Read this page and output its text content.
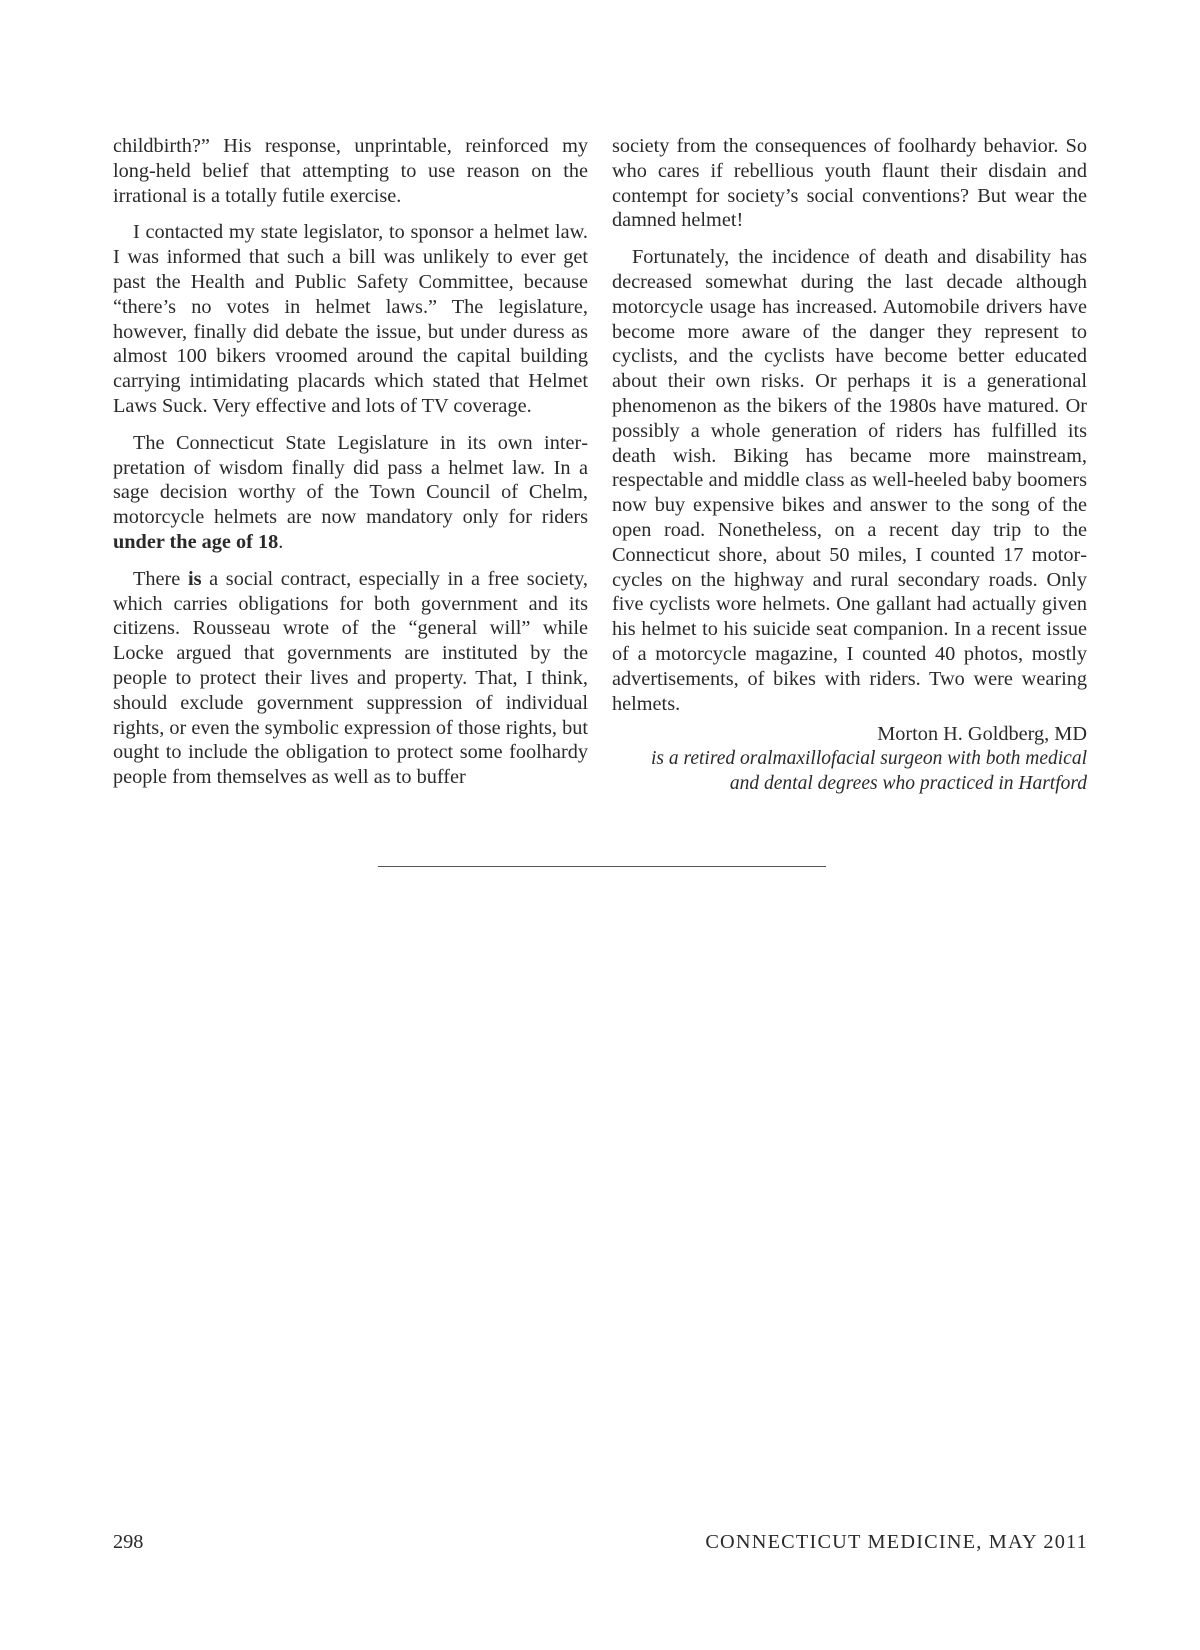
childbirth?” His response, unprintable, reinforced my long-held belief that attempting to use reason on the irrational is a totally futile exercise.

I contacted my state legislator, to sponsor a helmet law. I was informed that such a bill was unlikely to ever get past the Health and Public Safety Committee, because “there’s no votes in helmet laws.” The legislature, however, finally did debate the issue, but under duress as almost 100 bikers vroomed around the capital building carrying intimidating placards which stated that Helmet Laws Suck. Very effective and lots of TV coverage.

The Connecticut State Legislature in its own interpretation of wisdom finally did pass a helmet law. In a sage decision worthy of the Town Council of Chelm, motorcycle helmets are now mandatory only for riders under the age of 18.

There is a social contract, especially in a free society, which carries obligations for both government and its citizens. Rousseau wrote of the “general will” while Locke argued that governments are instituted by the people to protect their lives and property. That, I think, should exclude government suppression of individual rights, or even the symbolic expression of those rights, but ought to include the obligation to protect some foolhardy people from themselves as well as to buffer

society from the consequences of foolhardy behavior. So who cares if rebellious youth flaunt their disdain and contempt for society’s social conventions? But wear the damned helmet!

Fortunately, the incidence of death and disability has decreased somewhat during the last decade although motorcycle usage has increased. Automobile drivers have become more aware of the danger they represent to cyclists, and the cyclists have become better educated about their own risks. Or perhaps it is a generational phenomenon as the bikers of the 1980s have matured. Or possibly a whole generation of riders has fulfilled its death wish. Biking has became more mainstream, respectable and middle class as well-heeled baby boomers now buy expensive bikes and answer to the song of the open road. Nonetheless, on a recent day trip to the Connecticut shore, about 50 miles, I counted 17 motorcycles on the highway and rural secondary roads. Only five cyclists wore helmets. One gallant had actually given his helmet to his suicide seat companion. In a recent issue of a motorcycle magazine, I counted 40 photos, mostly advertisements, of bikes with riders. Two were wearing helmets.

Morton H. Goldberg, MD
is a retired oralmaxillofacial surgeon with both medical
and dental degrees who practiced in Hartford
298	CONNECTICUT MEDICINE, MAY 2011
